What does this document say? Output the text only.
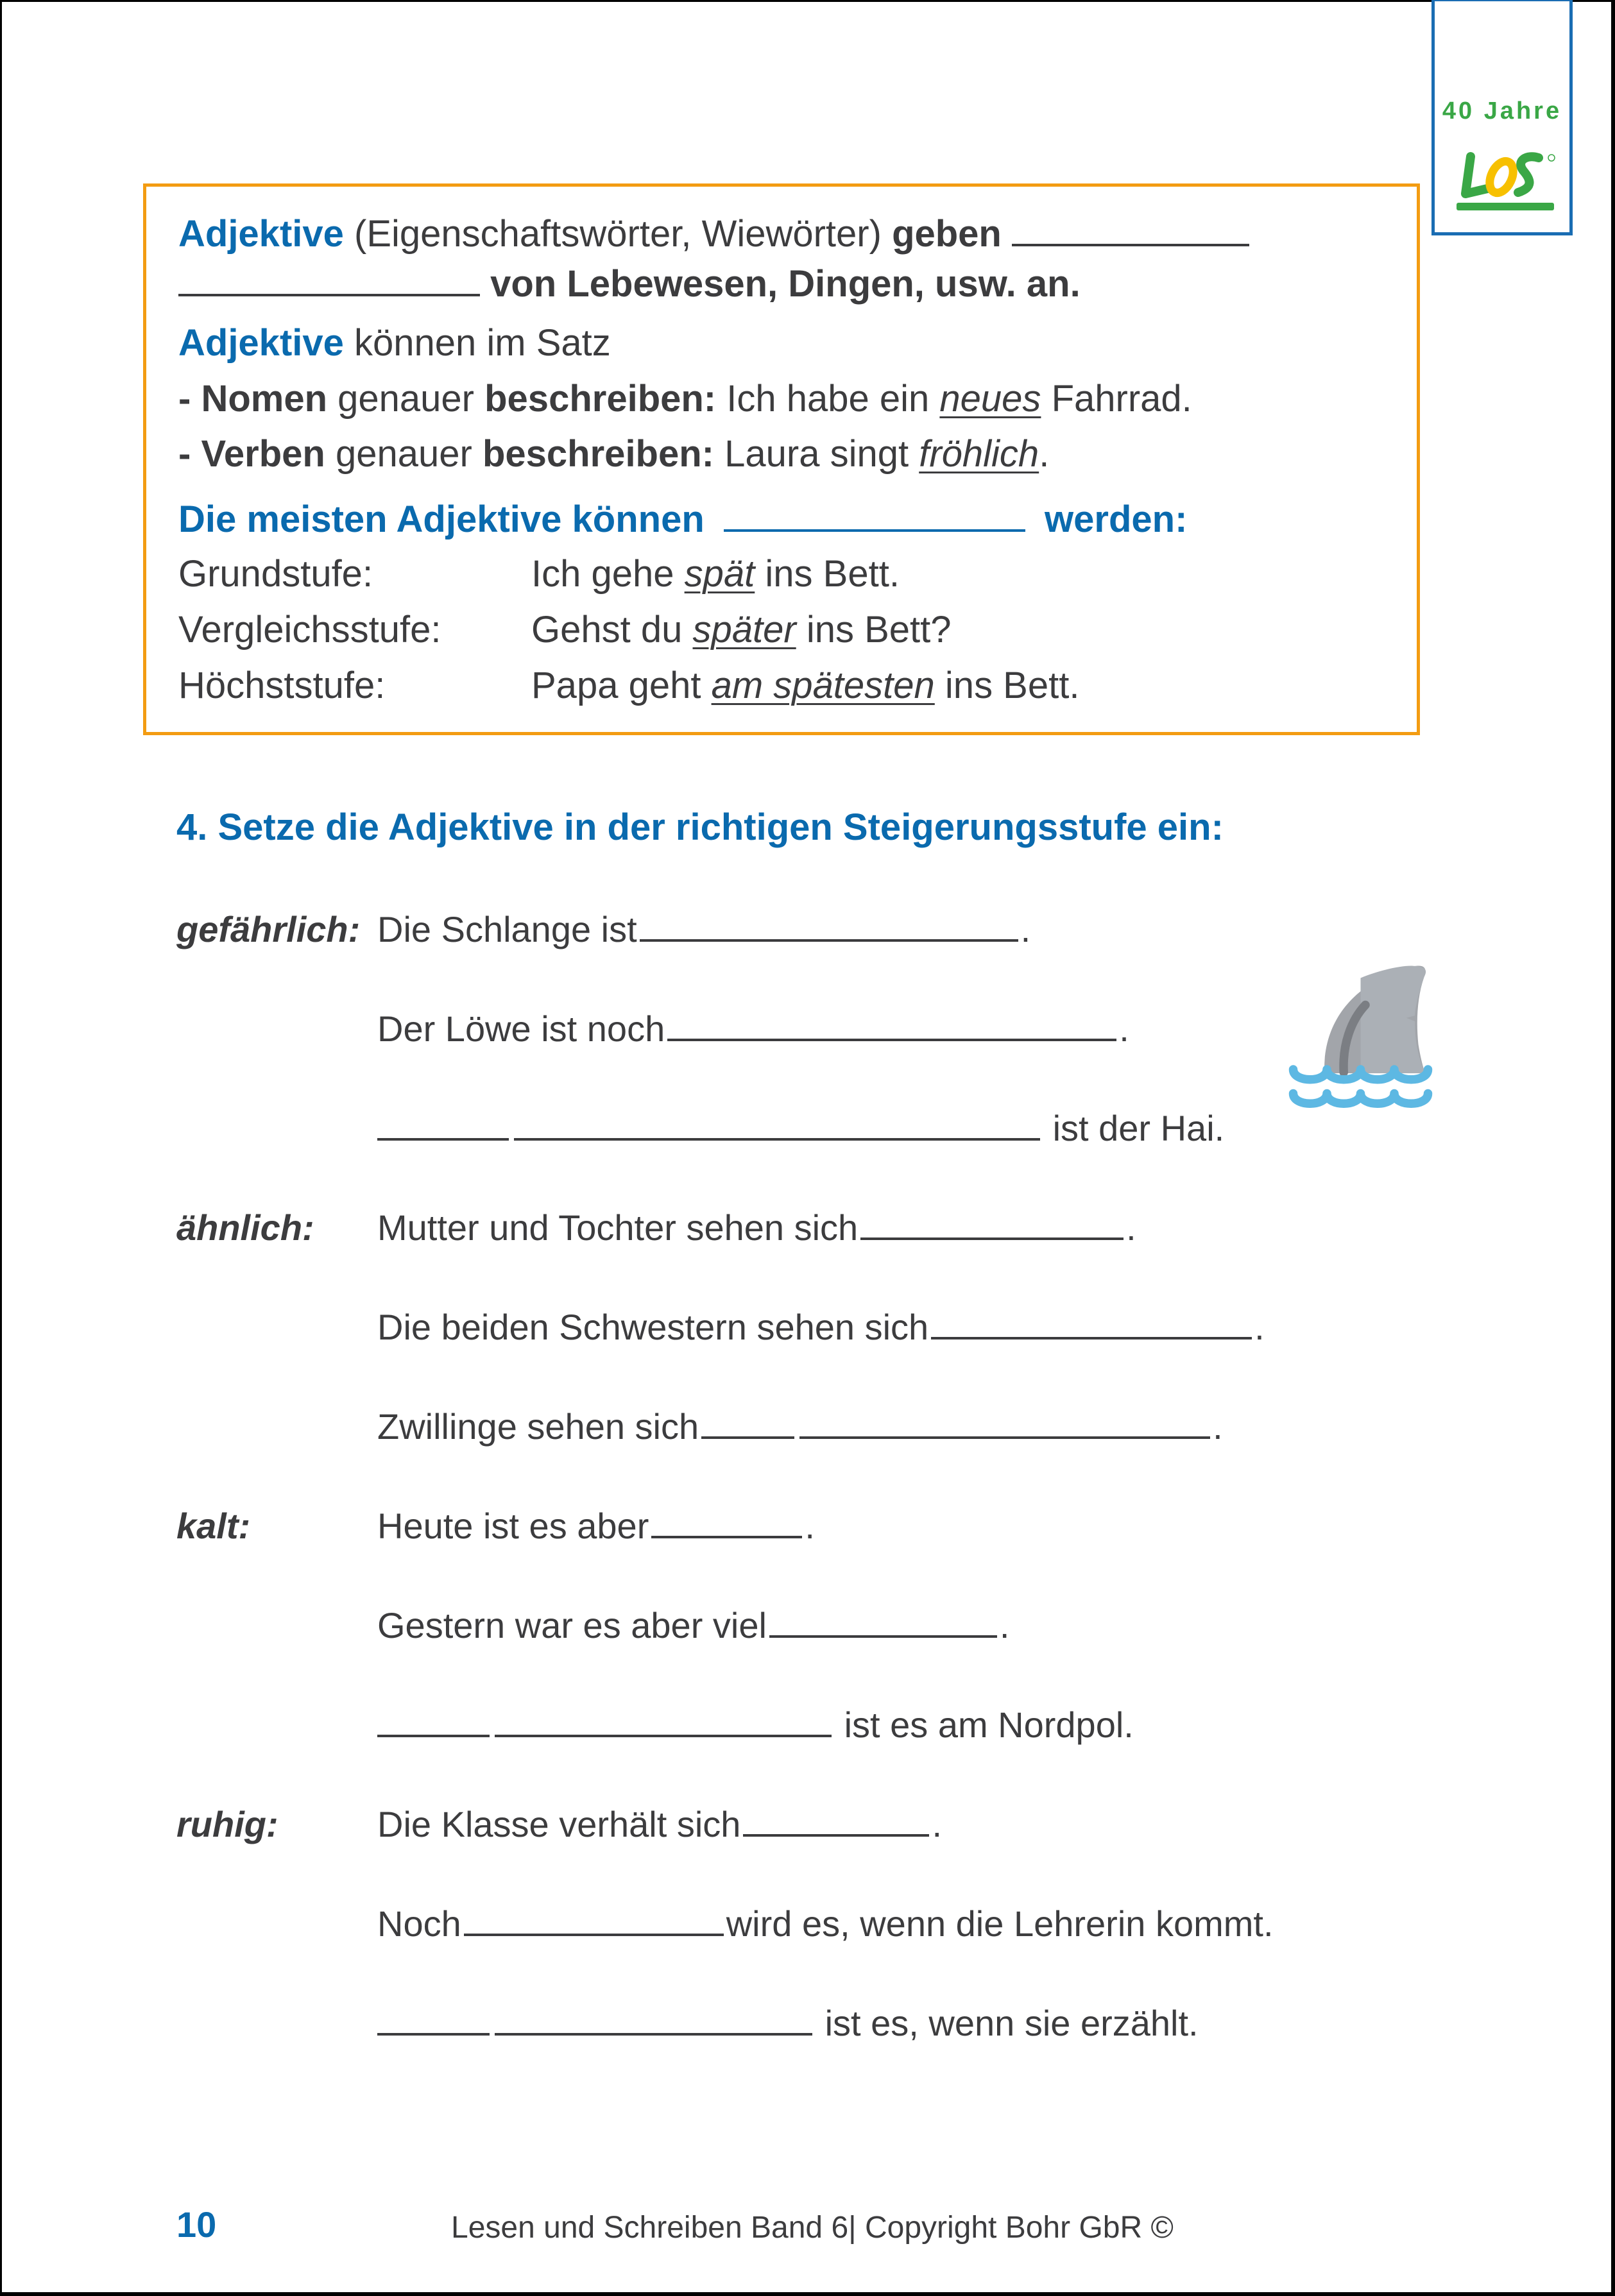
40 Jahre
Adjektive (Eigenschaftswörter, Wiewörter) geben
von Lebewesen, Dingen, usw. an.
Adjektive können im Satz
- Nomen genauer beschreiben: Ich habe ein neues Fahrrad.
- Verben genauer beschreiben: Laura singt fröhlich.
Die meisten Adjektive können	werden:
Grundstufe:	Ich gehe spät ins Bett.
Vergleichsstufe: Gehst du später ins Bett?
Höchststufe:	Papa geht am spätesten ins Bett.
4. Setze die Adjektive in der richtigen Steigerungsstufe ein:
gefährlich: Die Schlange ist	.
Der Löwe ist noch	.
ist der Hai.
ähnlich: Mutter und Tochter sehen sich	.
Die beiden Schwestern sehen sich	.
Zwillinge sehen sich	.
kalt:	Heute ist es aber	.
Gestern war es aber viel	.
ist es am Nordpol.
ruhig:	Die Klasse verhält sich	.
Noch	wird es, wenn die Lehrerin kommt.
ist es, wenn sie erzählt.
10	Lesen und Schreiben Band 6| Copyright Bohr GbR ©
